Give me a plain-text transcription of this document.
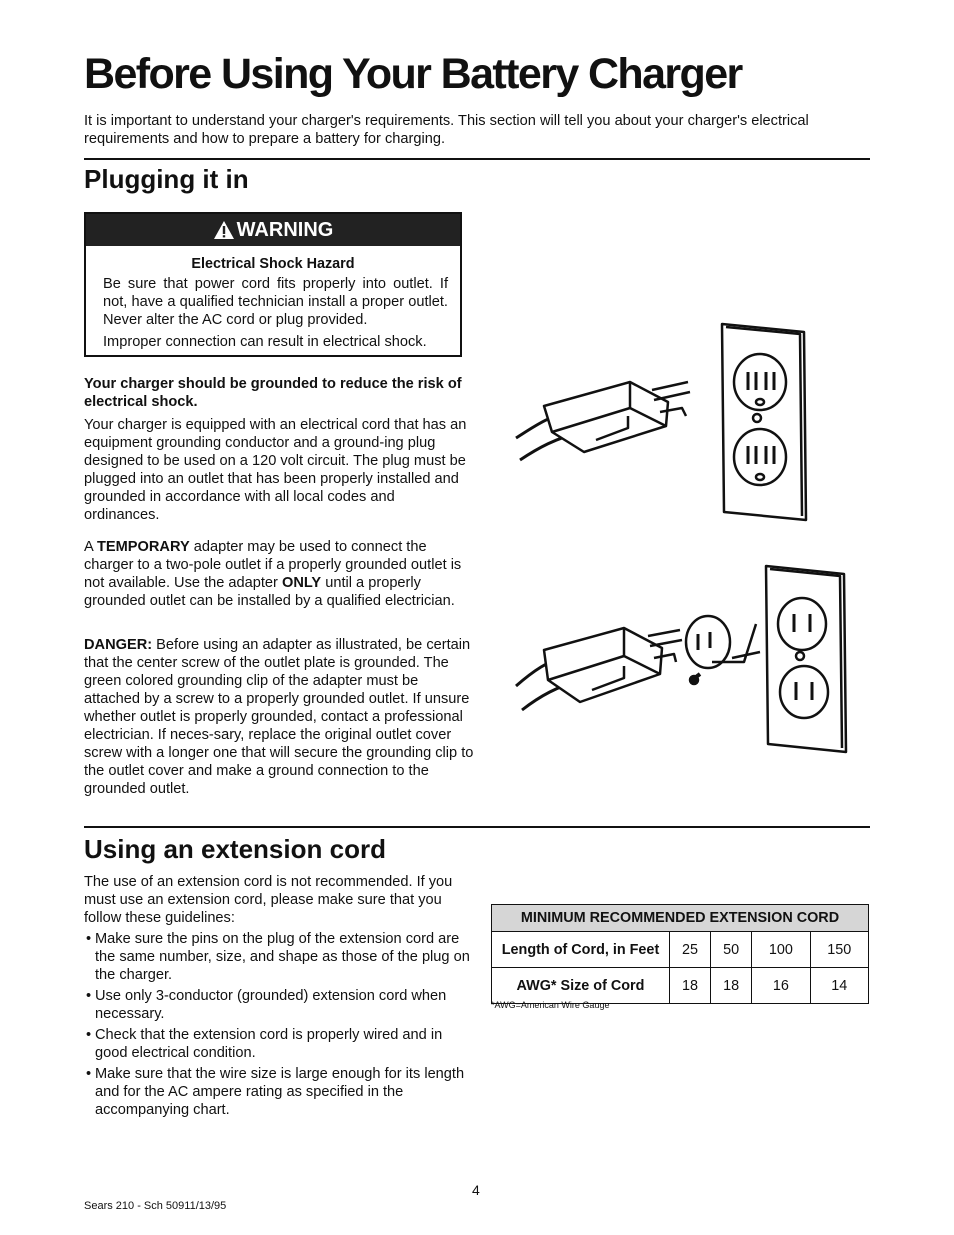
Before Using Your Battery Charger

It is important to understand your charger's requirements. This section will tell you about your charger's electrical requirements and how to prepare a battery for charging.

Plugging it in
WARNING
Electrical Shock Hazard
Be sure that power cord fits properly into outlet. If not, have a qualified technician install a proper outlet. Never alter the AC cord or plug provided.
Improper connection can result in electrical shock.

Your charger should be grounded to reduce the risk of electrical shock.

Your charger is equipped with an electrical cord that has an equipment grounding conductor and a ground-ing plug designed to be used on a 120 volt circuit. The plug must be plugged into an outlet that has been properly installed and grounded in accordance with all local codes and ordinances.

A TEMPORARY adapter may be used to connect the charger to a two-pole outlet if a properly grounded outlet is not available. Use the adapter ONLY until a properly grounded outlet can be installed by a qualified electrician.

DANGER: Before using an adapter as illustrated, be certain that the center screw of the outlet plate is grounded. The green colored grounding clip of the adapter must be attached by a screw to a properly grounded outlet. If unsure whether outlet is properly grounded, contact a professional electrician. If neces-sary, replace the original outlet cover screw with a longer one that will secure the grounding clip to the outlet cover and make a ground connection to the grounded outlet.

Using an extension cord

The use of an extension cord is not recommended. If you must use an extension cord, please make sure that you follow these guidelines:

• Make sure the pins on the plug of the extension cord are the same number, size, and shape as those of the plug on the charger.
• Use only 3-conductor (grounded) extension cord when necessary.
• Check that the extension cord is properly wired and in good electrical condition.
• Make sure that the wire size is large enough for its length and for the AC ampere rating as specified in the accompanying chart.
MINIMUM RECOMMENDED EXTENSION CORD				
Length of Cord, in Feet	25	50	100	150
AWG* Size of Cord	18	18	16	14
*AWG=American Wire Gauge
4
Sears 210 - Sch 50911/13/95
